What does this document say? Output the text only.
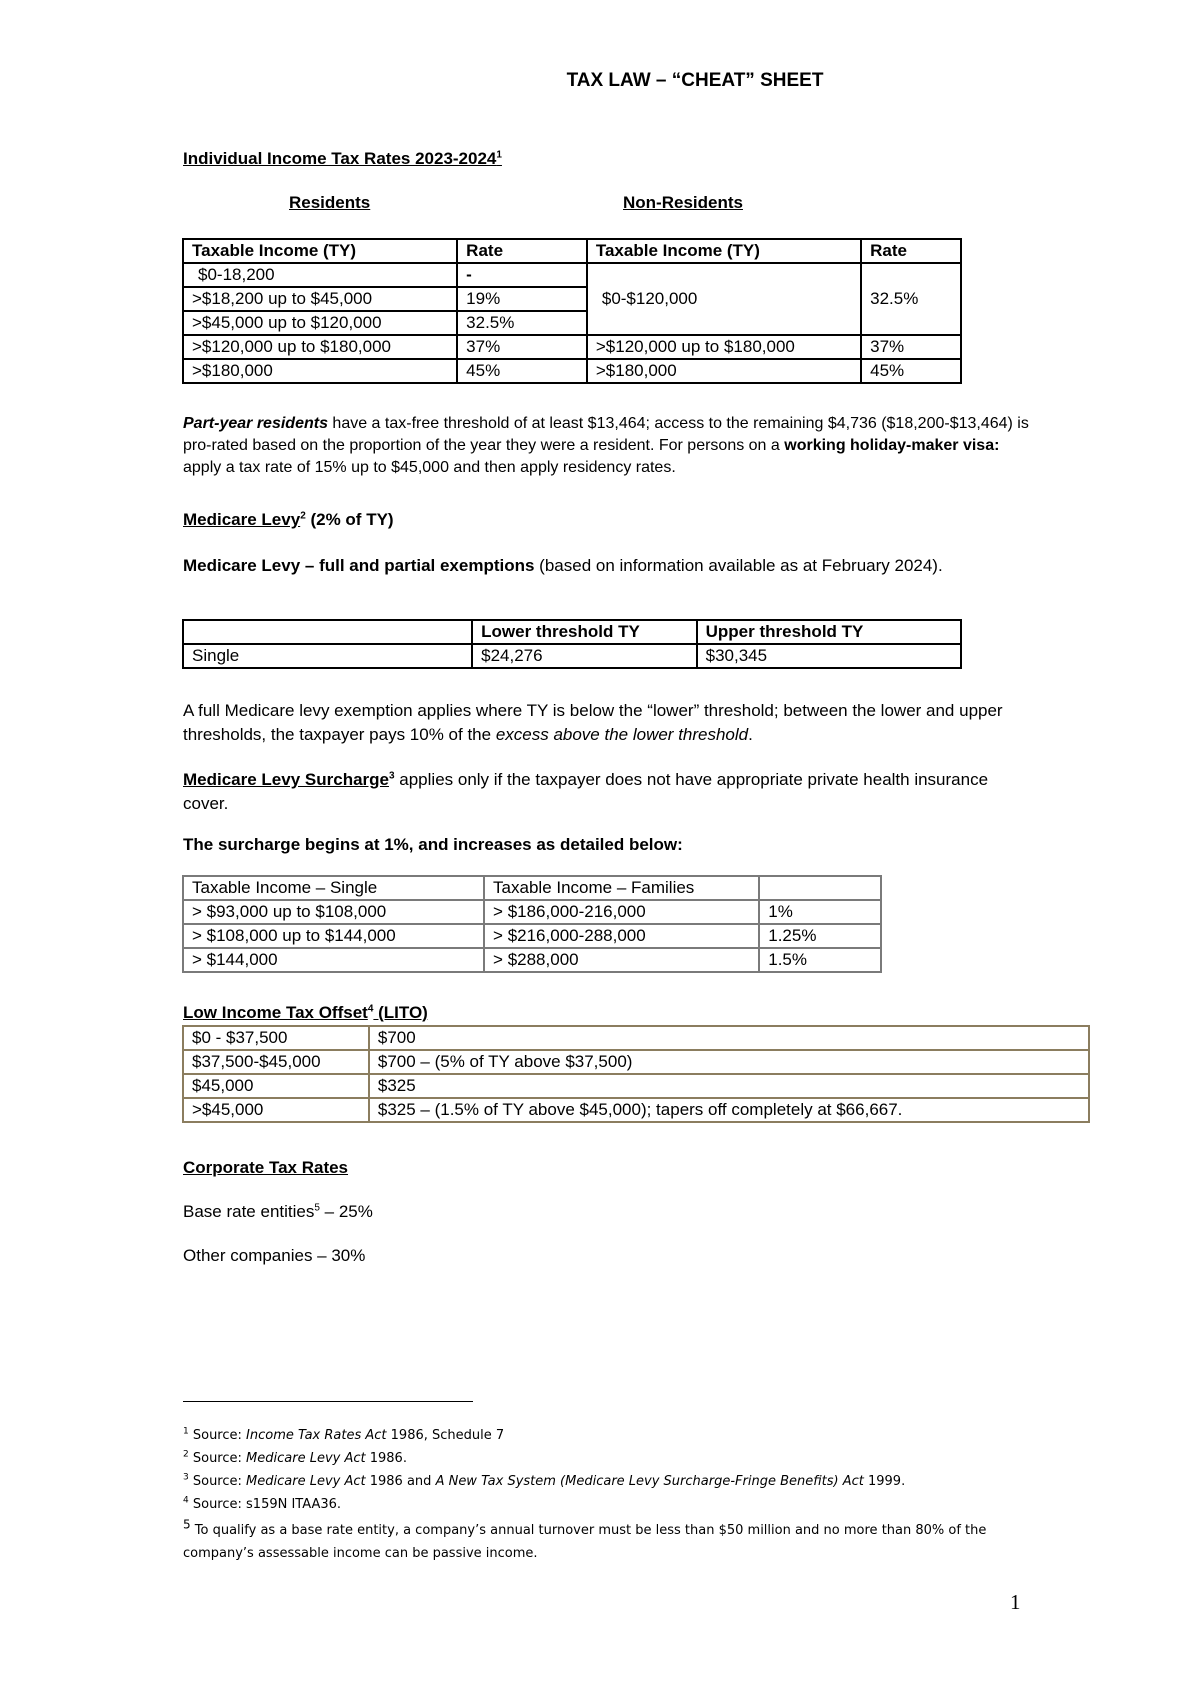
TAX LAW – “CHEAT” SHEET
Individual Income Tax Rates 2023-2024$^1$
Residents	Non-Residents
Taxable Income (TY)	Rate	Taxable Income (TY)	Rate
$0-18,200	-	$0-$120,000	32.5%
>$18,200 up to $45,000	19%		
>$45,000 up to $120,000	32.5%		
>$120,000 up to $180,000	37%	>$120,000 up to $180,000	37%
>$180,000	45%	>$180,000	45%
Part-year residents have a tax-free threshold of at least $13,464; access to the remaining $4,736 ($18,200-$13,464) is pro-rated based on the proportion of the year they were a resident. For persons on a working holiday-maker visa: apply a tax rate of 15% up to $45,000 and then apply residency rates.
Medicare Levy$^2$ (2% of TY)
Medicare Levy – full and partial exemptions (based on information available as at February 2024).
	Lower threshold TY	Upper threshold TY
Single	$24,276	$30,345
A full Medicare levy exemption applies where TY is below the “lower” threshold; between the lower and upper thresholds, the taxpayer pays 10% of the excess above the lower threshold.
Medicare Levy Surcharge$^3$ applies only if the taxpayer does not have appropriate private health insurance cover.
The surcharge begins at 1%, and increases as detailed below:
Taxable Income – Single	Taxable Income – Families	
> $93,000 up to $108,000	> $186,000-216,000	1%
> $108,000 up to $144,000	> $216,000-288,000	1.25%
> $144,000	> $288,000	1.5%
Low Income Tax Offset$^4$ (LITO)
$0 - $37,500	$700
$37,500-$45,000	$700 – (5% of TY above $37,500)
$45,000	$325
>$45,000	$325 – (1.5% of TY above $45,000); tapers off completely at $66,667.
Corporate Tax Rates
Base rate entities$^5$ – 25%
Other companies – 30%
$^1$ Source: Income Tax Rates Act 1986, Schedule 7
$^2$ Source: Medicare Levy Act 1986.
$^3$ Source: Medicare Levy Act 1986 and A New Tax System (Medicare Levy Surcharge-Fringe Benefits) Act 1999.
$^4$ Source: s159N ITAA36.
5 To qualify as a base rate entity, a company’s annual turnover must be less than $50 million and no more than 80% of the company’s assessable income can be passive income.
1
